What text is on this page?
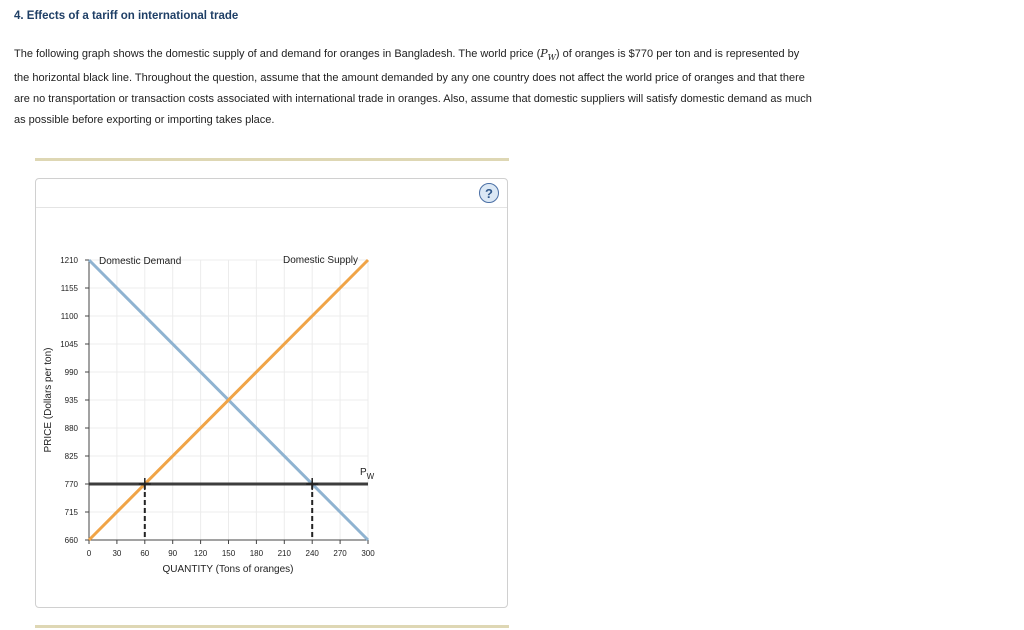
4. Effects of a tariff on international trade
The following graph shows the domestic supply of and demand for oranges in Bangladesh. The world price $(P_W)$ of oranges is $770 per ton and is represented by the horizontal black line. Throughout the question, assume that the amount demanded by any one country does not affect the world price of oranges and that there are no transportation or transaction costs associated with international trade in oranges. Also, assume that domestic suppliers will satisfy domestic demand as much as possible before exporting or importing takes place.
?
660
715
770
825
880
935
990
1045
1100
1155
1210
0	30 60 90 120 150 180 210 240 270 300
$P_W$
QUANTITY (Tons of oranges)
PRICE (Dollars per ton)
Domestic Demand	Domestic Supply
